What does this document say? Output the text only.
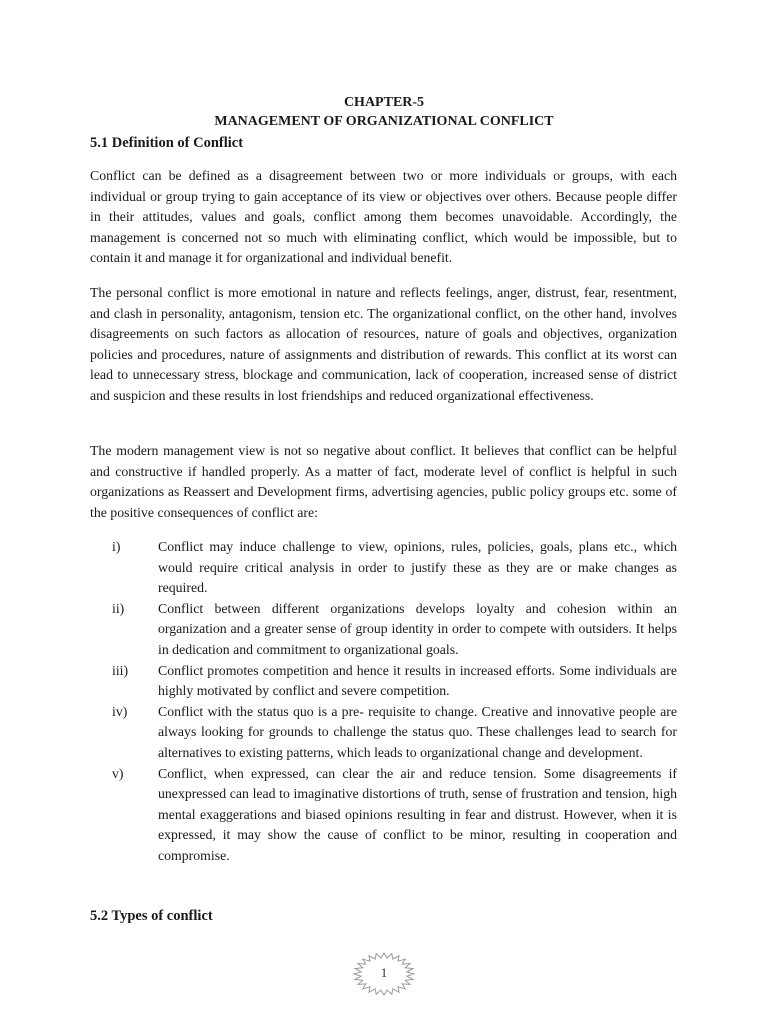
CHAPTER-5
MANAGEMENT OF ORGANIZATIONAL CONFLICT
5.1 Definition of Conflict

Conflict can be defined as a disagreement between two or more individuals or groups, with each individual or group trying to gain acceptance of its view or objectives over others. Because people differ in their attitudes, values and goals, conflict among them becomes unavoidable. Accordingly, the management is concerned not so much with eliminating conflict, which would be impossible, but to contain it and manage it for organizational and individual benefit.

The personal conflict is more emotional in nature and reflects feelings, anger, distrust, fear, resentment, and clash in personality, antagonism, tension etc. The organizational conflict, on the other hand, involves disagreements on such factors as allocation of resources, nature of goals and objectives, organization policies and procedures, nature of assignments and distribution of rewards. This conflict at its worst can lead to unnecessary stress, blockage and communication, lack of cooperation, increased sense of district and suspicion and these results in lost friendships and reduced organizational effectiveness.

The modern management view is not so negative about conflict. It believes that conflict can be helpful and constructive if handled properly. As a matter of fact, moderate level of conflict is helpful in such organizations as Reassert and Development firms, advertising agencies, public policy groups etc. some of the positive consequences of conflict are:

i)	Conflict may induce challenge to view, opinions, rules, policies, goals, plans etc., which would require critical analysis in order to justify these as they are or make changes as required.
ii) Conflict between different organizations develops loyalty and cohesion within an organization and a greater sense of group identity in order to compete with outsiders. It helps in dedication and commitment to organizational goals.
iii) Conflict promotes competition and hence it results in increased efforts. Some individuals are highly motivated by conflict and severe competition.
iv) Conflict with the status quo is a pre- requisite to change. Creative and innovative people are always looking for grounds to challenge the status quo. These challenges lead to search for alternatives to existing patterns, which leads to organizational change and development.
v)	Conflict, when expressed, can clear the air and reduce tension. Some disagreements if unexpressed can lead to imaginative distortions of truth, sense of frustration and tension, high mental exaggerations and biased opinions resulting in fear and distrust. However, when it is expressed, it may show the cause of conflict to be minor, resulting in cooperation and compromise.
5.2 Types of conflict
1
